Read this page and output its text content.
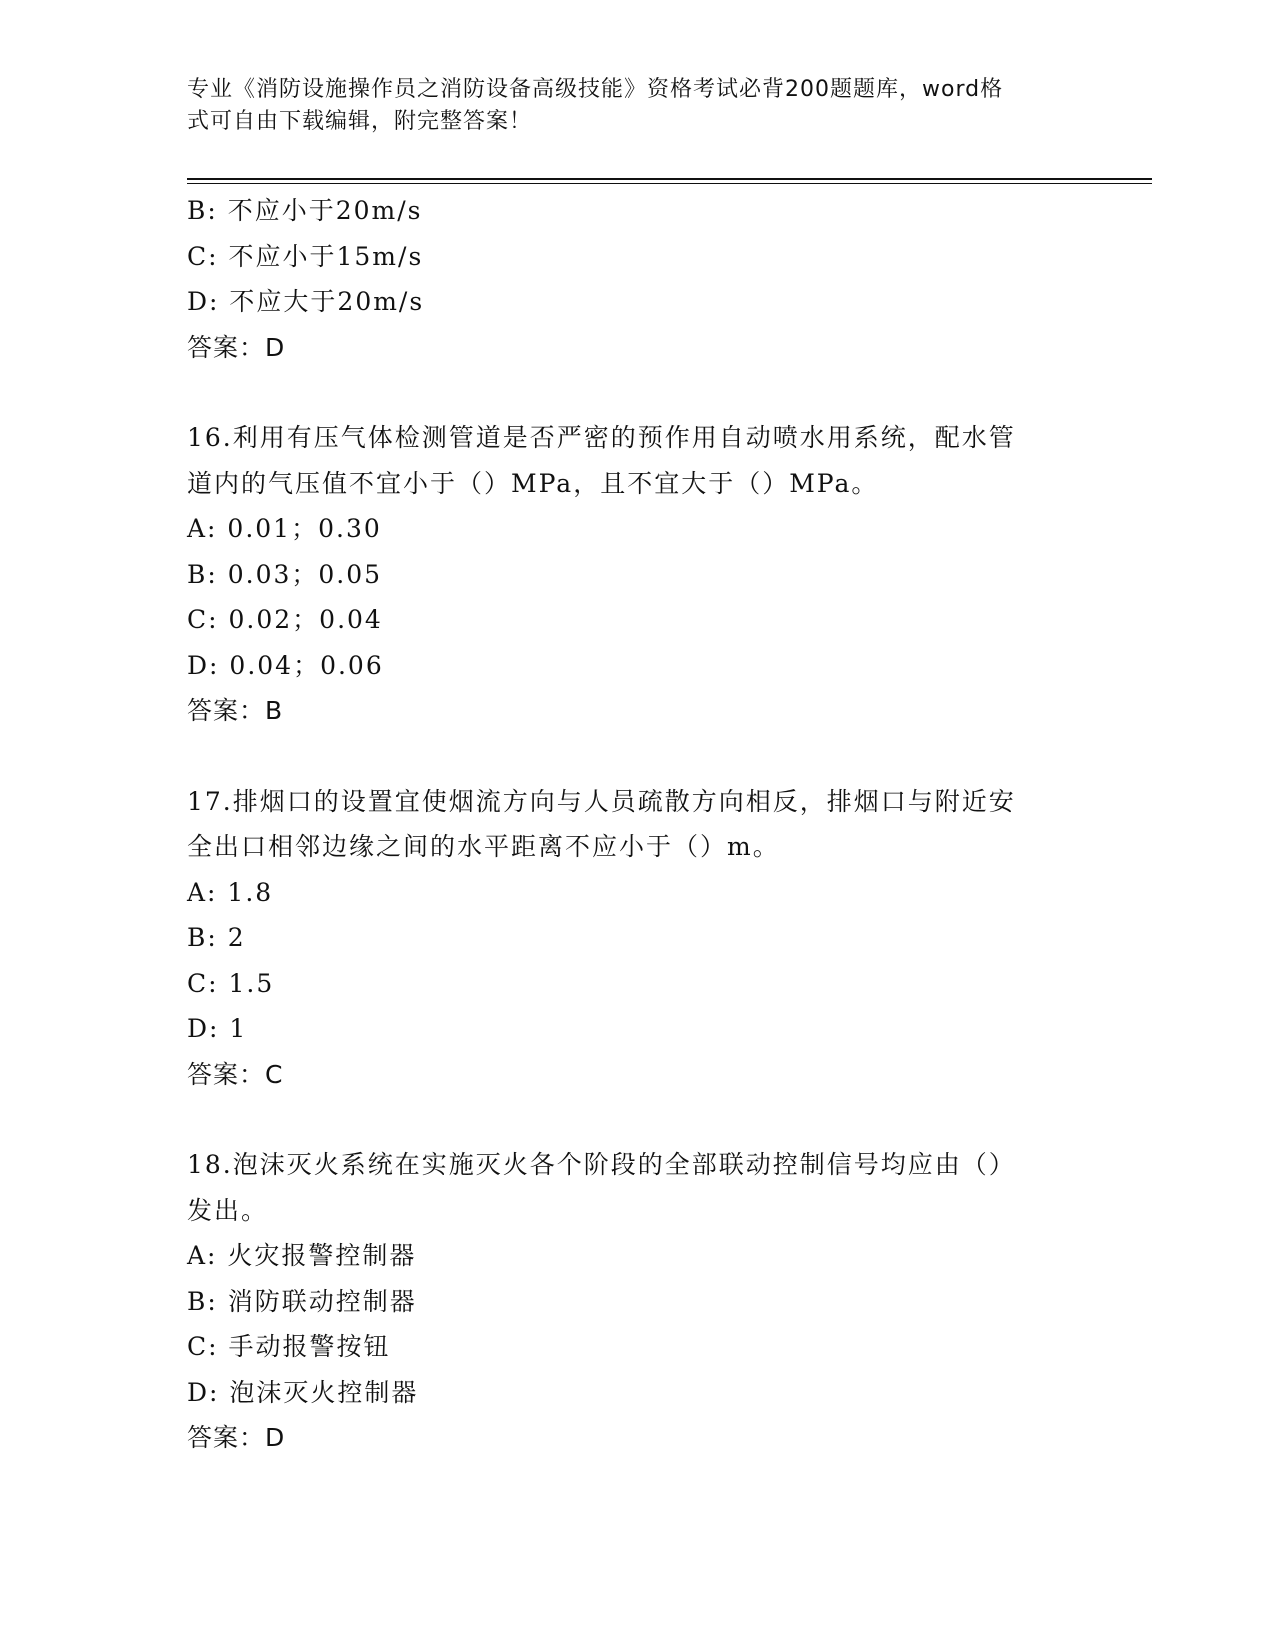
专业《消防设施操作员之消防设备高级技能》资格考试必背200题题库，word格
式可自由下载编辑，附完整答案！
B: 不应小于20m/s
C: 不应小于15m/s
D: 不应大于20m/s
答案：D
16.利用有压气体检测管道是否严密的预作用自动喷水用系统，配水管
道内的气压值不宜小于（）MPa，且不宜大于（）MPa。
A: 0.01；0.30
B: 0.03；0.05
C: 0.02；0.04
D: 0.04；0.06
答案：B
17.排烟口的设置宜使烟流方向与人员疏散方向相反，排烟口与附近安
全出口相邻边缘之间的水平距离不应小于（）m。
A: 1.8
B: 2
C: 1.5
D: 1
答案：C
18.泡沫灭火系统在实施灭火各个阶段的全部联动控制信号均应由（）
发出。
A: 火灾报警控制器
B: 消防联动控制器
C: 手动报警按钮
D: 泡沫灭火控制器
答案：D
